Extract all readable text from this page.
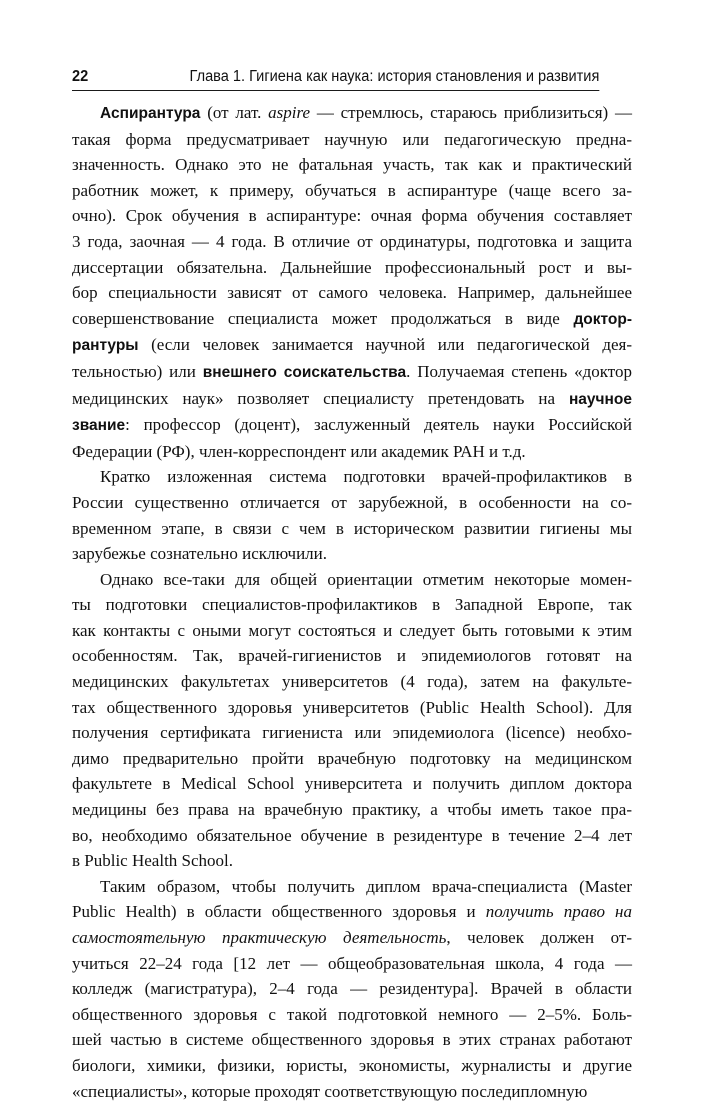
22	Глава 1. Гигиена как наука: история становления и развития
Аспирантура (от лат. aspire — стремлюсь, стараюсь приблизиться) —
такая форма предусматривает научную или педагогическую предна-
значенность. Однако это не фатальная участь, так как и практический
работник может, к примеру, обучаться в аспирантуре (чаще всего за-
очно). Срок обучения в аспирантуре: очная форма обучения составляет
3 года, заочная — 4 года. В отличие от ординатуры, подготовка и защита
диссертации обязательна. Дальнейшие профессиональный рост и вы-
бор специальности зависят от самого человека. Например, дальнейшее
совершенствование специалиста может продолжаться в виде доктор-
рантуры (если человек занимается научной или педагогической дея-
тельностью) или внешнего соискательства. Получаемая степень «доктор
медицинских наук» позволяет специалисту претендовать на научное
звание: профессор (доцент), заслуженный деятель науки Российской
Федерации (РФ), член-корреспондент или академик РАН и т.д.
Кратко изложенная система подготовки врачей-профилактиков в
России существенно отличается от зарубежной, в особенности на со-
временном этапе, в связи с чем в историческом развитии гигиены мы
зарубежье сознательно исключили.
Однако все-таки для общей ориентации отметим некоторые момен-
ты подготовки специалистов-профилактиков в Западной Европе, так
как контакты с оными могут состояться и следует быть готовыми к этим
особенностям. Так, врачей-гигиенистов и эпидемиологов готовят на
медицинских факультетах университетов (4 года), затем на факульте-
тах общественного здоровья университетов (Public Health School). Для
получения сертификата гигиениста или эпидемиолога (licence) необхо-
димо предварительно пройти врачебную подготовку на медицинском
факультете в Medical School университета и получить диплом доктора
медицины без права на врачебную практику, а чтобы иметь такое пра-
во, необходимо обязательное обучение в резидентуре в течение 2–4 лет
в Public Health School.
Таким образом, чтобы получить диплом врача-специалиста (Master
Public Health) в области общественного здоровья и получить право на
самостоятельную практическую деятельность, человек должен от-
учиться 22–24 года [12 лет — общеобразовательная школа, 4 года —
колледж (магистратура), 2–4 года — резидентура]. Врачей в области
общественного здоровья с такой подготовкой немного — 2–5%. Боль-
шей частью в системе общественного здоровья в этих странах работают
биологи, химики, физики, юристы, экономисты, журналисты и другие
«специалисты», которые проходят соответствующую последипломную
